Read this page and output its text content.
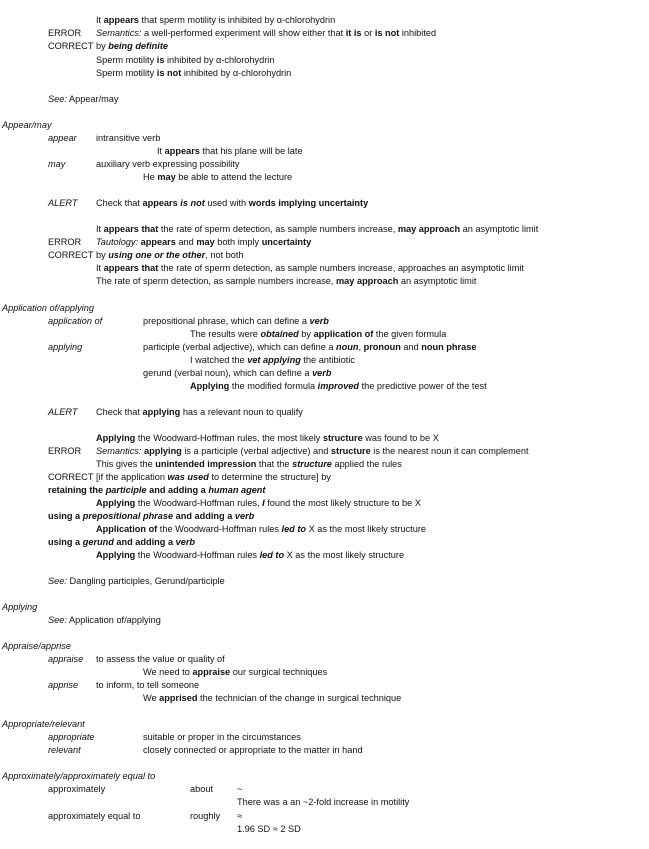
It appears that sperm motility is inhibited by α-chlorohydrin
ERROR Semantics: a well-performed experiment will show either that it is or is not inhibited
CORRECT by being definite
Sperm motility is inhibited by α-chlorohydrin
Sperm motility is not inhibited by α-chlorohydrin
See: Appear/may
Appear/may
appear intransitive verb
It appears that his plane will be late
may	auxiliary verb expressing possibility
He may be able to attend the lecture
ALERT Check that appears is not used with words implying uncertainty
It appears that the rate of sperm detection, as sample numbers increase, may approach an asymptotic limit
ERROR Tautology: appears and may both imply uncertainty
CORRECT by using one or the other, not both
It appears that the rate of sperm detection, as sample numbers increase, approaches an asymptotic limit
The rate of sperm detection, as sample numbers increase, may approach an asymptotic limit
Application of/applying
application of	prepositional phrase, which can define a verb
The results were obtained by application of the given formula
applying	participle (verbal adjective), which can define a noun, pronoun and noun phrase
I watched the vet applying the antibiotic
gerund (verbal noun), which can define a verb
Applying the modified formula improved the predictive power of the test
ALERT Check that applying has a relevant noun to qualify
Applying the Woodward-Hoffman rules, the most likely structure was found to be X
ERROR Semantics: applying is a participle (verbal adjective) and structure is the nearest noun it can complement
This gives the unintended impression that the structure applied the rules
CORRECT [if the application was used to determine the structure] by
retaining the participle and adding a human agent
Applying the Woodward-Hoffman rules, I found the most likely structure to be X
using a prepositional phrase and adding a verb
Application of the Woodward-Hoffman rules led to X as the most likely structure
using a gerund and adding a verb
Applying the Woodward-Hoffman rules led to X as the most likely structure
See: Dangling participles, Gerund/participle
Applying
See: Application of/applying
Appraise/apprise
appraise to assess the value or quality of
We need to appraise our surgical techniques
apprise to inform, to tell someone
We apprised the technician of the change in surgical technique
Appropriate/relevant
appropriate	suitable or proper in the circumstances
relevant	closely connected or appropriate to the matter in hand
Approximately/approximately equal to
approximately	about	~
There was a an ~2-fold increase in motility
approximately equal to	roughly ≈
1.96 SD ≈ 2 SD
